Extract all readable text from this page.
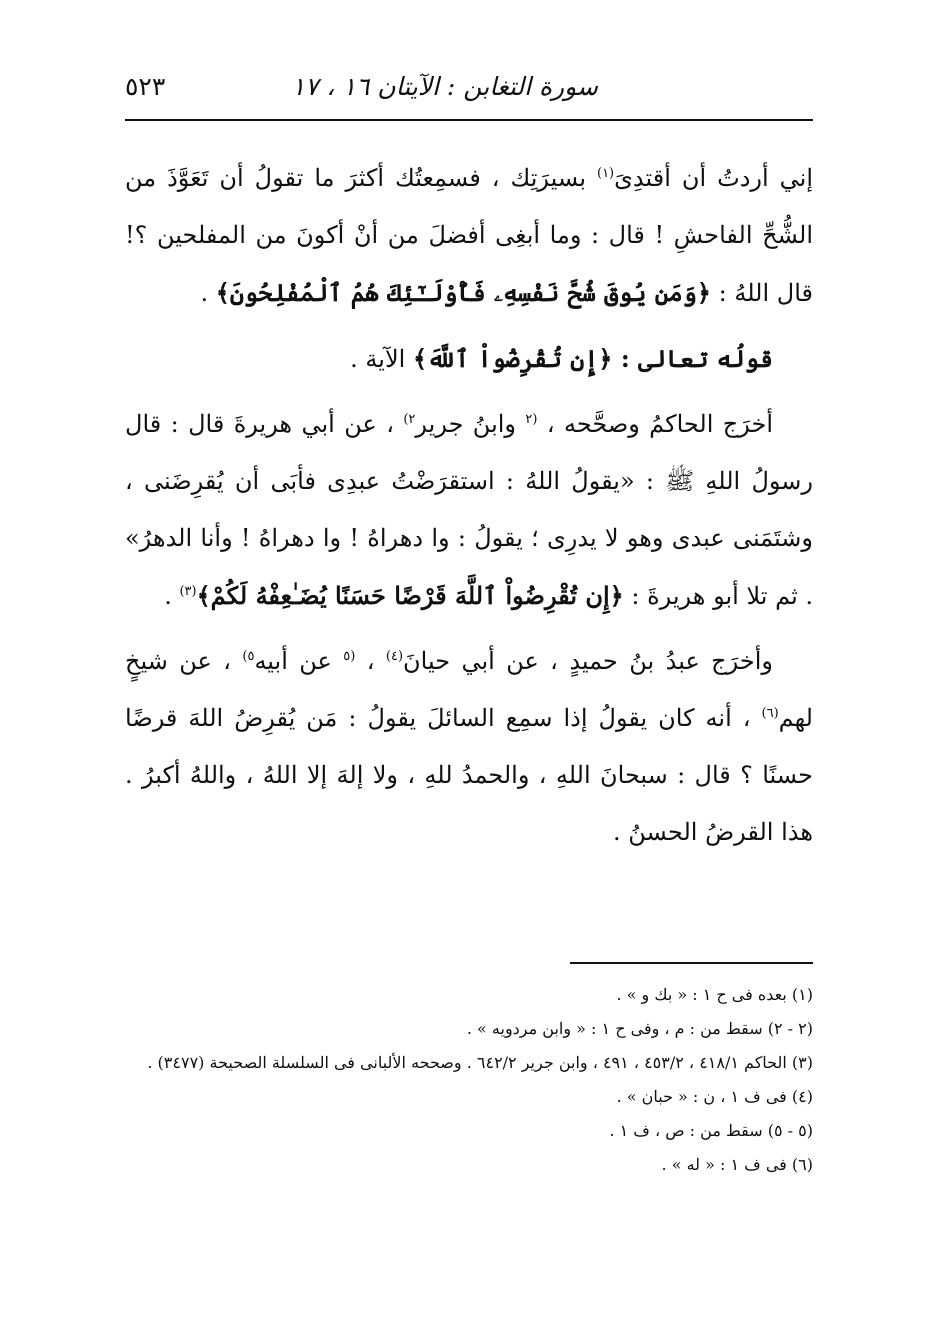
سورة التغابن : الآيتان ١٦ ، ١٧
٥٢٣

إني أردتُ أن أقتدِىَ$^{(١)}$ بسيرَتِك ، فسمِعتُك أكثرَ ما تقولُ أن تَعَوَّذَ من الشُّحِّ الفاحشِ ! قال : وما أبغِى أفضلَ من أنْ أكونَ من المفلحين ؟! قال اللهُ : ﴿وَمَن يُوقَ شُحَّ نَفْسِهِۦ فَأُوْلَـٰٓئِكَ هُمُ ٱلْمُفْلِحُونَ﴾ .

قولُه تعالى : ﴿إِن تُقْرِضُواْ ٱللَّهَ﴾ الآية .

أخرَج الحاكمُ وصحَّحه ، $^{(٢}$ وابنُ جرير$^{٢)}$ ، عن أبي هريرةَ قال : قال رسولُ اللهِ ﷺ : «يقولُ اللهُ : استقرَضْتُ عبدِى فأبَى أن يُقرِضَنى ، وشتَمَنى عبدى وهو لا يدرِى ؛ يقولُ : وا دهراهُ ! وا دهراهُ ! وأنا الدهرُ» . ثم تلا أبو هريرةَ : ﴿إِن تُقْرِضُواْ ٱللَّهَ قَرْضًا حَسَنًا يُضَـٰعِفْهُ لَكُمْ﴾$^{(٣)}$ .

وأخرَج عبدُ بنُ حميدٍ ، عن أبي حيانَ$^{(٤)}$ ، $^{(٥}$ عن أبيه$^{٥)}$ ، عن شيخٍ لهم$^{(٦)}$ ، أنه كان يقولُ إذا سمِع السائلَ يقولُ : مَن يُقرِضُ اللهَ قرضًا حسنًا ؟ قال : سبحانَ اللهِ ، والحمدُ للهِ ، ولا إلهَ إلا اللهُ ، واللهُ أكبرُ . هذا القرضُ الحسنُ .

(١) بعده فى ح ١ : « بك و » .

(٢ - ٢) سقط من : م ، وفى ح ١ : « وابن مردويه » .

(٣) الحاكم ٤١٨/١ ، ٤٥٣/٢ ، ٤٩١ ، وابن جرير ٦٤٢/٢ . وصححه الألبانى فى السلسلة الصحيحة (٣٤٧٧) .

(٤) فى ف ١ ، ن : « حبان » .

(٥ - ٥) سقط من : ص ، ف ١ .

(٦) فى ف ١ : « له » .
